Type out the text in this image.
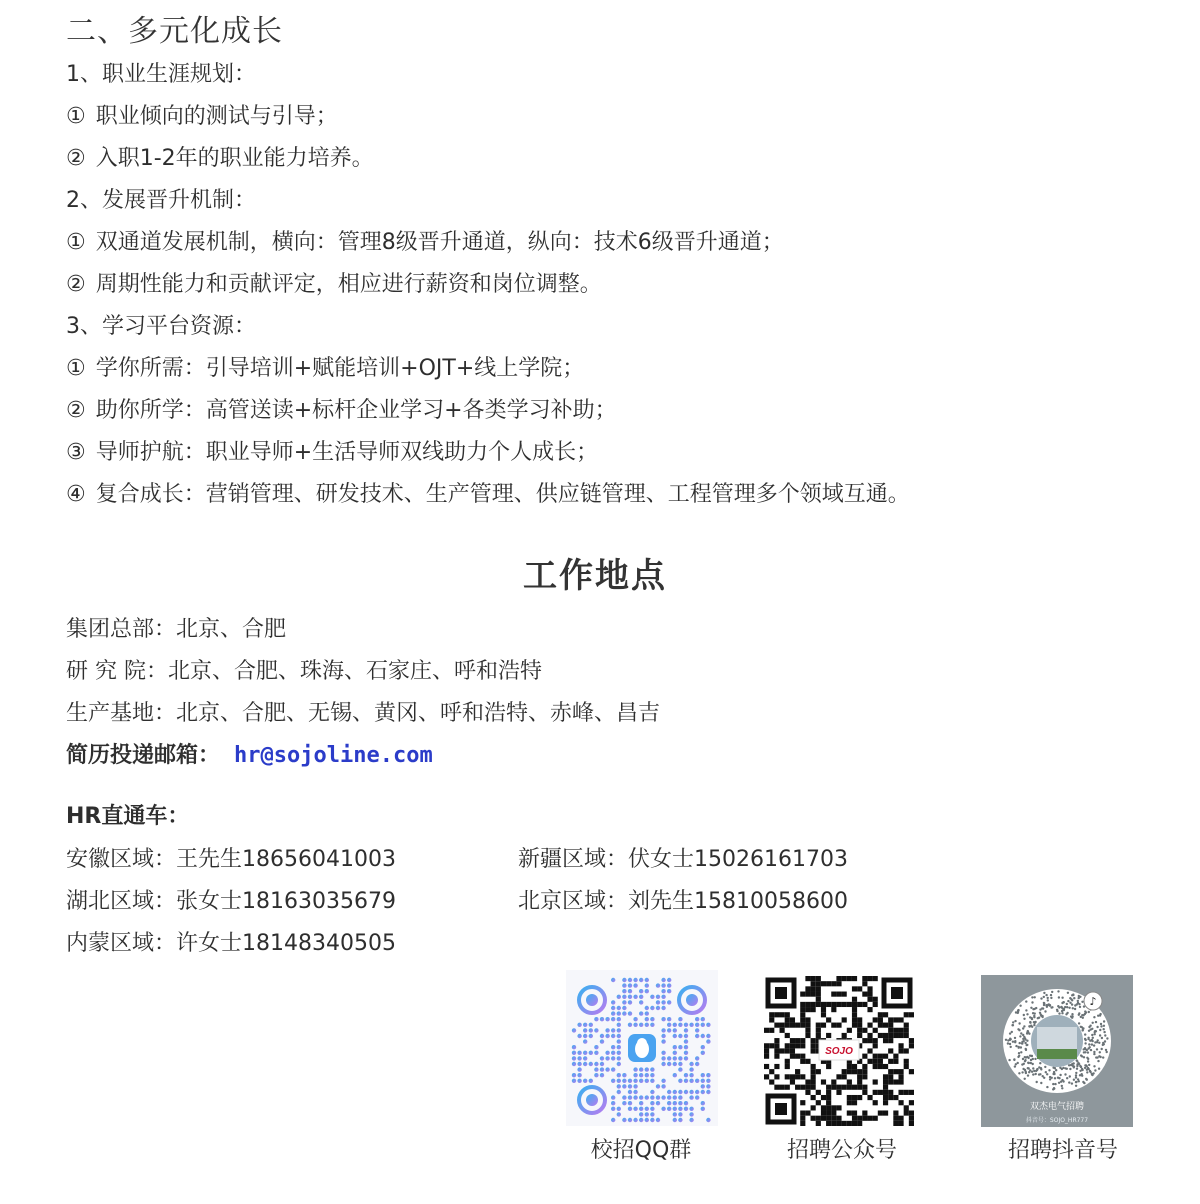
二、多元化成长
1、职业生涯规划：
① 职业倾向的测试与引导；
② 入职1-2年的职业能力培养。
2、发展晋升机制：
① 双通道发展机制，横向：管理8级晋升通道，纵向：技术6级晋升通道；
② 周期性能力和贡献评定，相应进行薪资和岗位调整。
3、学习平台资源：
① 学你所需：引导培训+赋能培训+OJT+线上学院；
② 助你所学：高管送读+标杆企业学习+各类学习补助；
③ 导师护航：职业导师+生活导师双线助力个人成长；
④ 复合成长：营销管理、研发技术、生产管理、供应链管理、工程管理多个领域互通。
工作地点
集团总部：北京、合肥
研 究 院：北京、合肥、珠海、石家庄、呼和浩特
生产基地：北京、合肥、无锡、黄冈、呼和浩特、赤峰、昌吉
简历投递邮箱： hr@sojoline.com
HR直通车：
安徽区域：王先生18656041003	新疆区域：伏女士15026161703
湖北区域：张女士18163035679	北京区域：刘先生15810058600
内蒙区域：许女士18148340505
校招QQ群
SOJO
招聘公众号
♪
双杰电气招聘
抖音号：SOJO_HR777
招聘抖音号
